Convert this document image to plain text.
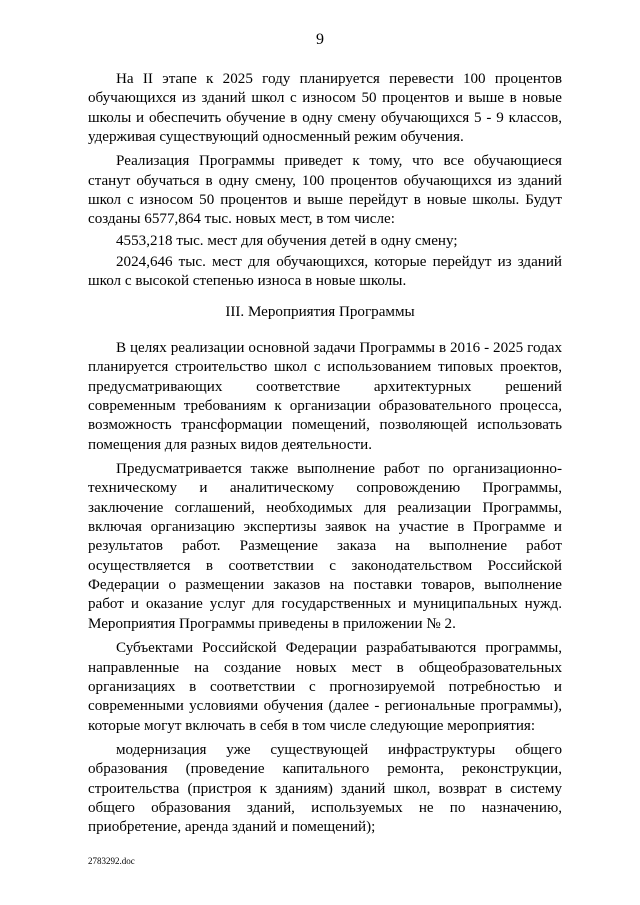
9

На II этапе к 2025 году планируется перевести 100 процентов обучающихся из зданий школ с износом 50 процентов и выше в новые школы и обеспечить обучение в одну смену обучающихся 5 - 9 классов, удерживая существующий односменный режим обучения.

Реализация Программы приведет к тому, что все обучающиеся станут обучаться в одну смену, 100 процентов обучающихся из зданий школ с износом 50 процентов и выше перейдут в новые школы. Будут созданы 6577,864 тыс. новых мест, в том числе:

4553,218 тыс. мест для обучения детей в одну смену;

2024,646 тыс. мест для обучающихся, которые перейдут из зданий школ с высокой степенью износа в новые школы.

III. Мероприятия Программы

В целях реализации основной задачи Программы в 2016 - 2025 годах планируется строительство школ с использованием типовых проектов, предусматривающих соответствие архитектурных решений современным требованиям к организации образовательного процесса, возможность трансформации помещений, позволяющей использовать помещения для разных видов деятельности.

Предусматривается также выполнение работ по организационно-техническому и аналитическому сопровождению Программы, заключение соглашений, необходимых для реализации Программы, включая организацию экспертизы заявок на участие в Программе и результатов работ. Размещение заказа на выполнение работ осуществляется в соответствии с законодательством Российской Федерации о размещении заказов на поставки товаров, выполнение работ и оказание услуг для государственных и муниципальных нужд. Мероприятия Программы приведены в приложении № 2.

Субъектами Российской Федерации разрабатываются программы, направленные на создание новых мест в общеобразовательных организациях в соответствии с прогнозируемой потребностью и современными условиями обучения (далее - региональные программы), которые могут включать в себя в том числе следующие мероприятия:

модернизация уже существующей инфраструктуры общего образования (проведение капитального ремонта, реконструкции, строительства (пристроя к зданиям) зданий школ, возврат в систему общего образования зданий, используемых не по назначению, приобретение, аренда зданий и помещений);

2783292.doc
